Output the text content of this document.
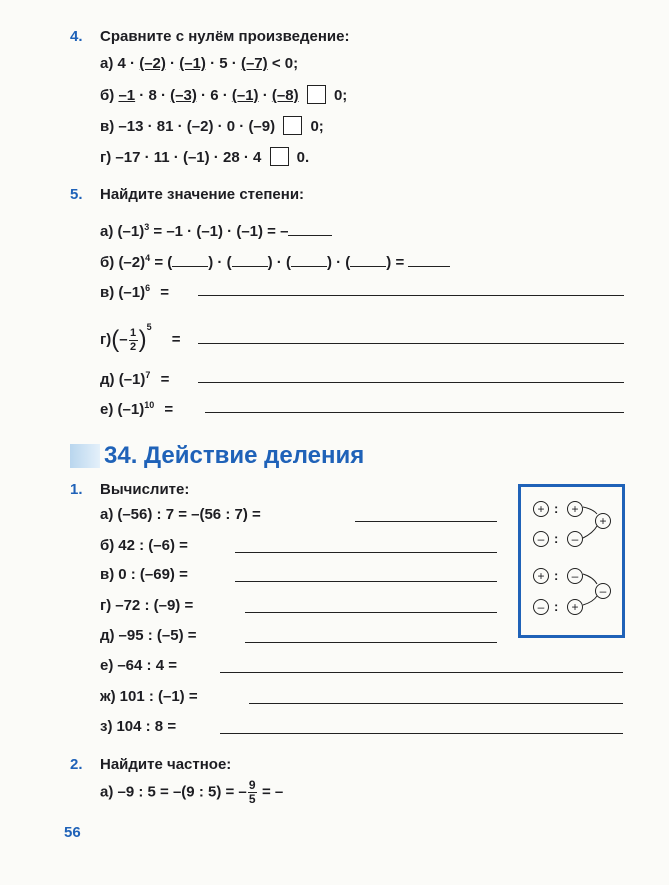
4. Сравните с нулём произведение:
а) 4 · (–2) · (–1) · 5 · (–7) < 0;
б) –1 · 8 · (–3) · 6 · (–1) · (–8) 0;
в) –13 · 81 · (–2) · 0 · (–9) 0;
г) –17 · 11 · (–1) · 28 · 4 0.
5. Найдите значение степени:
а) $(-1)^3 = -1 \cdot (-1) \cdot (-1)$ = –
б) $(-2)^4$ = ( ) · ( ) · ( ) · ( ) =
в) $(-1)^6$ =
$г)(- \frac{1}{2} )^5$ =
д) $(-1)^7$ =
е) $(-1)^{10}$ =
34. Действие деления
1. Вычислите:
а) (–56) : 7 = –(56 : 7) =
б) 42 : (–6) =
в) 0 : (–69) =
г) –72 : (–9) =
д) –95 : (–5) =
е) –64 : 4 =
ж) 101 : (–1) =
з) 104 : 8 =
+ :	+
+
– :	–
+ :	–
–
– :	+
2. Найдите частное:
а) –9 : 5 = –(9 : 5) = – $\frac{9}{5}$ = –
56
